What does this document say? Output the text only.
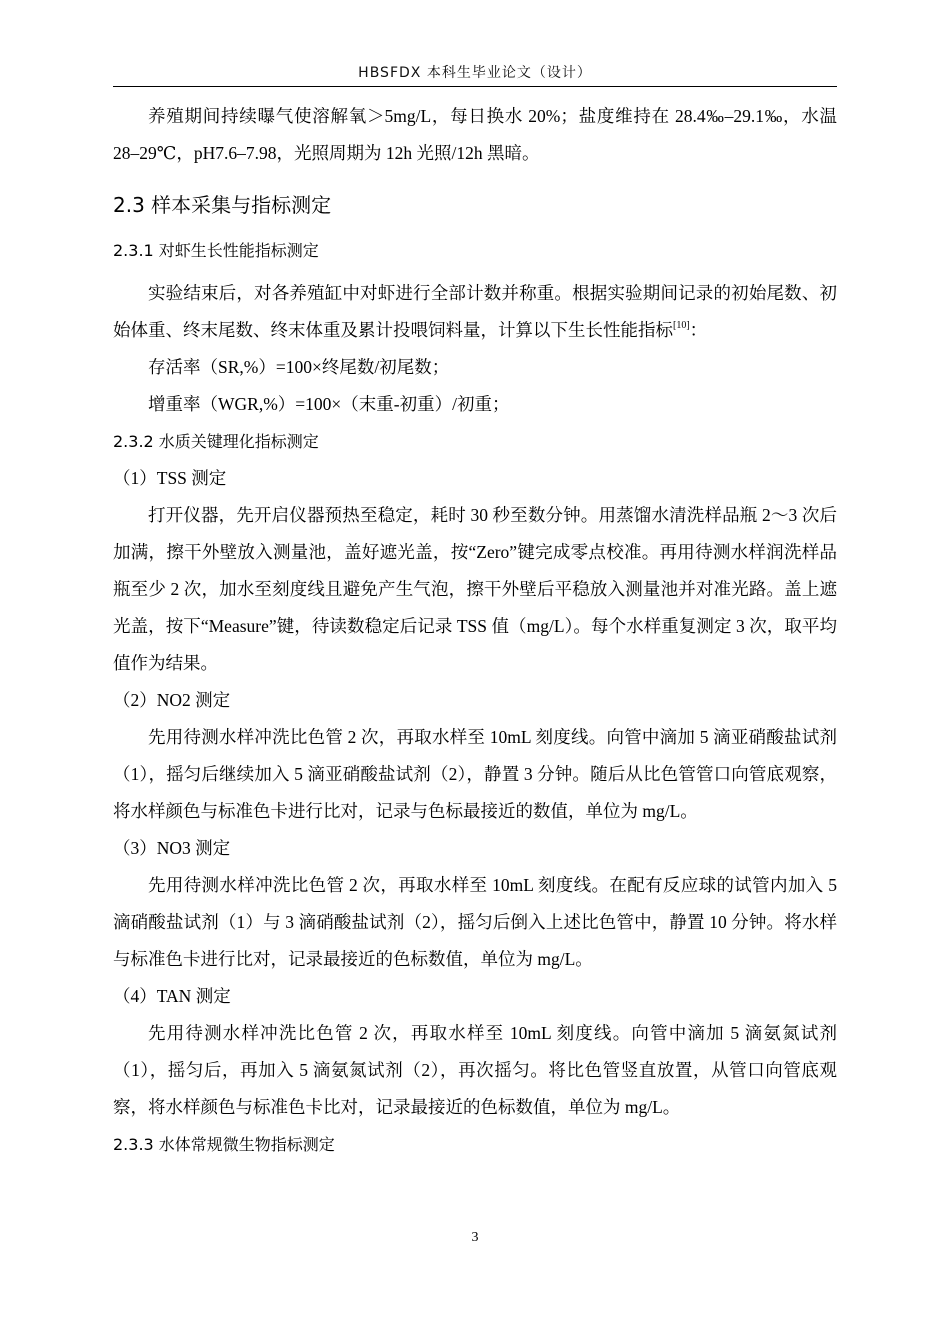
HBSFDX 本科生毕业论文（设计）

养殖期间持续曝气使溶解氧＞5mg/L，每日换水 20%；盐度维持在 28.4‰–29.1‰，水温 28–29℃，pH7.6–7.98，光照周期为 12h 光照/12h 黑暗。

2.3 样本采集与指标测定
2.3.1 对虾生长性能指标测定

实验结束后，对各养殖缸中对虾进行全部计数并称重。根据实验期间记录的初始尾数、初始体重、终末尾数、终末体重及累计投喂饲料量，计算以下生长性能指标[10]：

存活率（SR,%）=100×终尾数/初尾数；

增重率（WGR,%）=100×（末重-初重）/初重；

2.3.2 水质关键理化指标测定

（1）TSS 测定

打开仪器，先开启仪器预热至稳定，耗时 30 秒至数分钟。用蒸馏水清洗样品瓶 2～3 次后加满，擦干外壁放入测量池，盖好遮光盖，按“Zero”键完成零点校准。再用待测水样润洗样品瓶至少 2 次，加水至刻度线且避免产生气泡，擦干外壁后平稳放入测量池并对准光路。盖上遮光盖，按下“Measure”键，待读数稳定后记录 TSS 值（mg/L）。每个水样重复测定 3 次，取平均值作为结果。

（2）NO2 测定

先用待测水样冲洗比色管 2 次，再取水样至 10mL 刻度线。向管中滴加 5 滴亚硝酸盐试剂（1），摇匀后继续加入 5 滴亚硝酸盐试剂（2），静置 3 分钟。随后从比色管管口向管底观察，将水样颜色与标准色卡进行比对，记录与色标最接近的数值，单位为 mg/L。

（3）NO3 测定

先用待测水样冲洗比色管 2 次，再取水样至 10mL 刻度线。在配有反应球的试管内加入 5 滴硝酸盐试剂（1）与 3 滴硝酸盐试剂（2），摇匀后倒入上述比色管中，静置 10 分钟。将水样与标准色卡进行比对，记录最接近的色标数值，单位为 mg/L。

（4）TAN 测定

先用待测水样冲洗比色管 2 次，再取水样至 10mL 刻度线。向管中滴加 5 滴氨氮试剂（1），摇匀后，再加入 5 滴氨氮试剂（2），再次摇匀。将比色管竖直放置，从管口向管底观察，将水样颜色与标准色卡比对，记录最接近的色标数值，单位为 mg/L。

2.3.3 水体常规微生物指标测定
3
